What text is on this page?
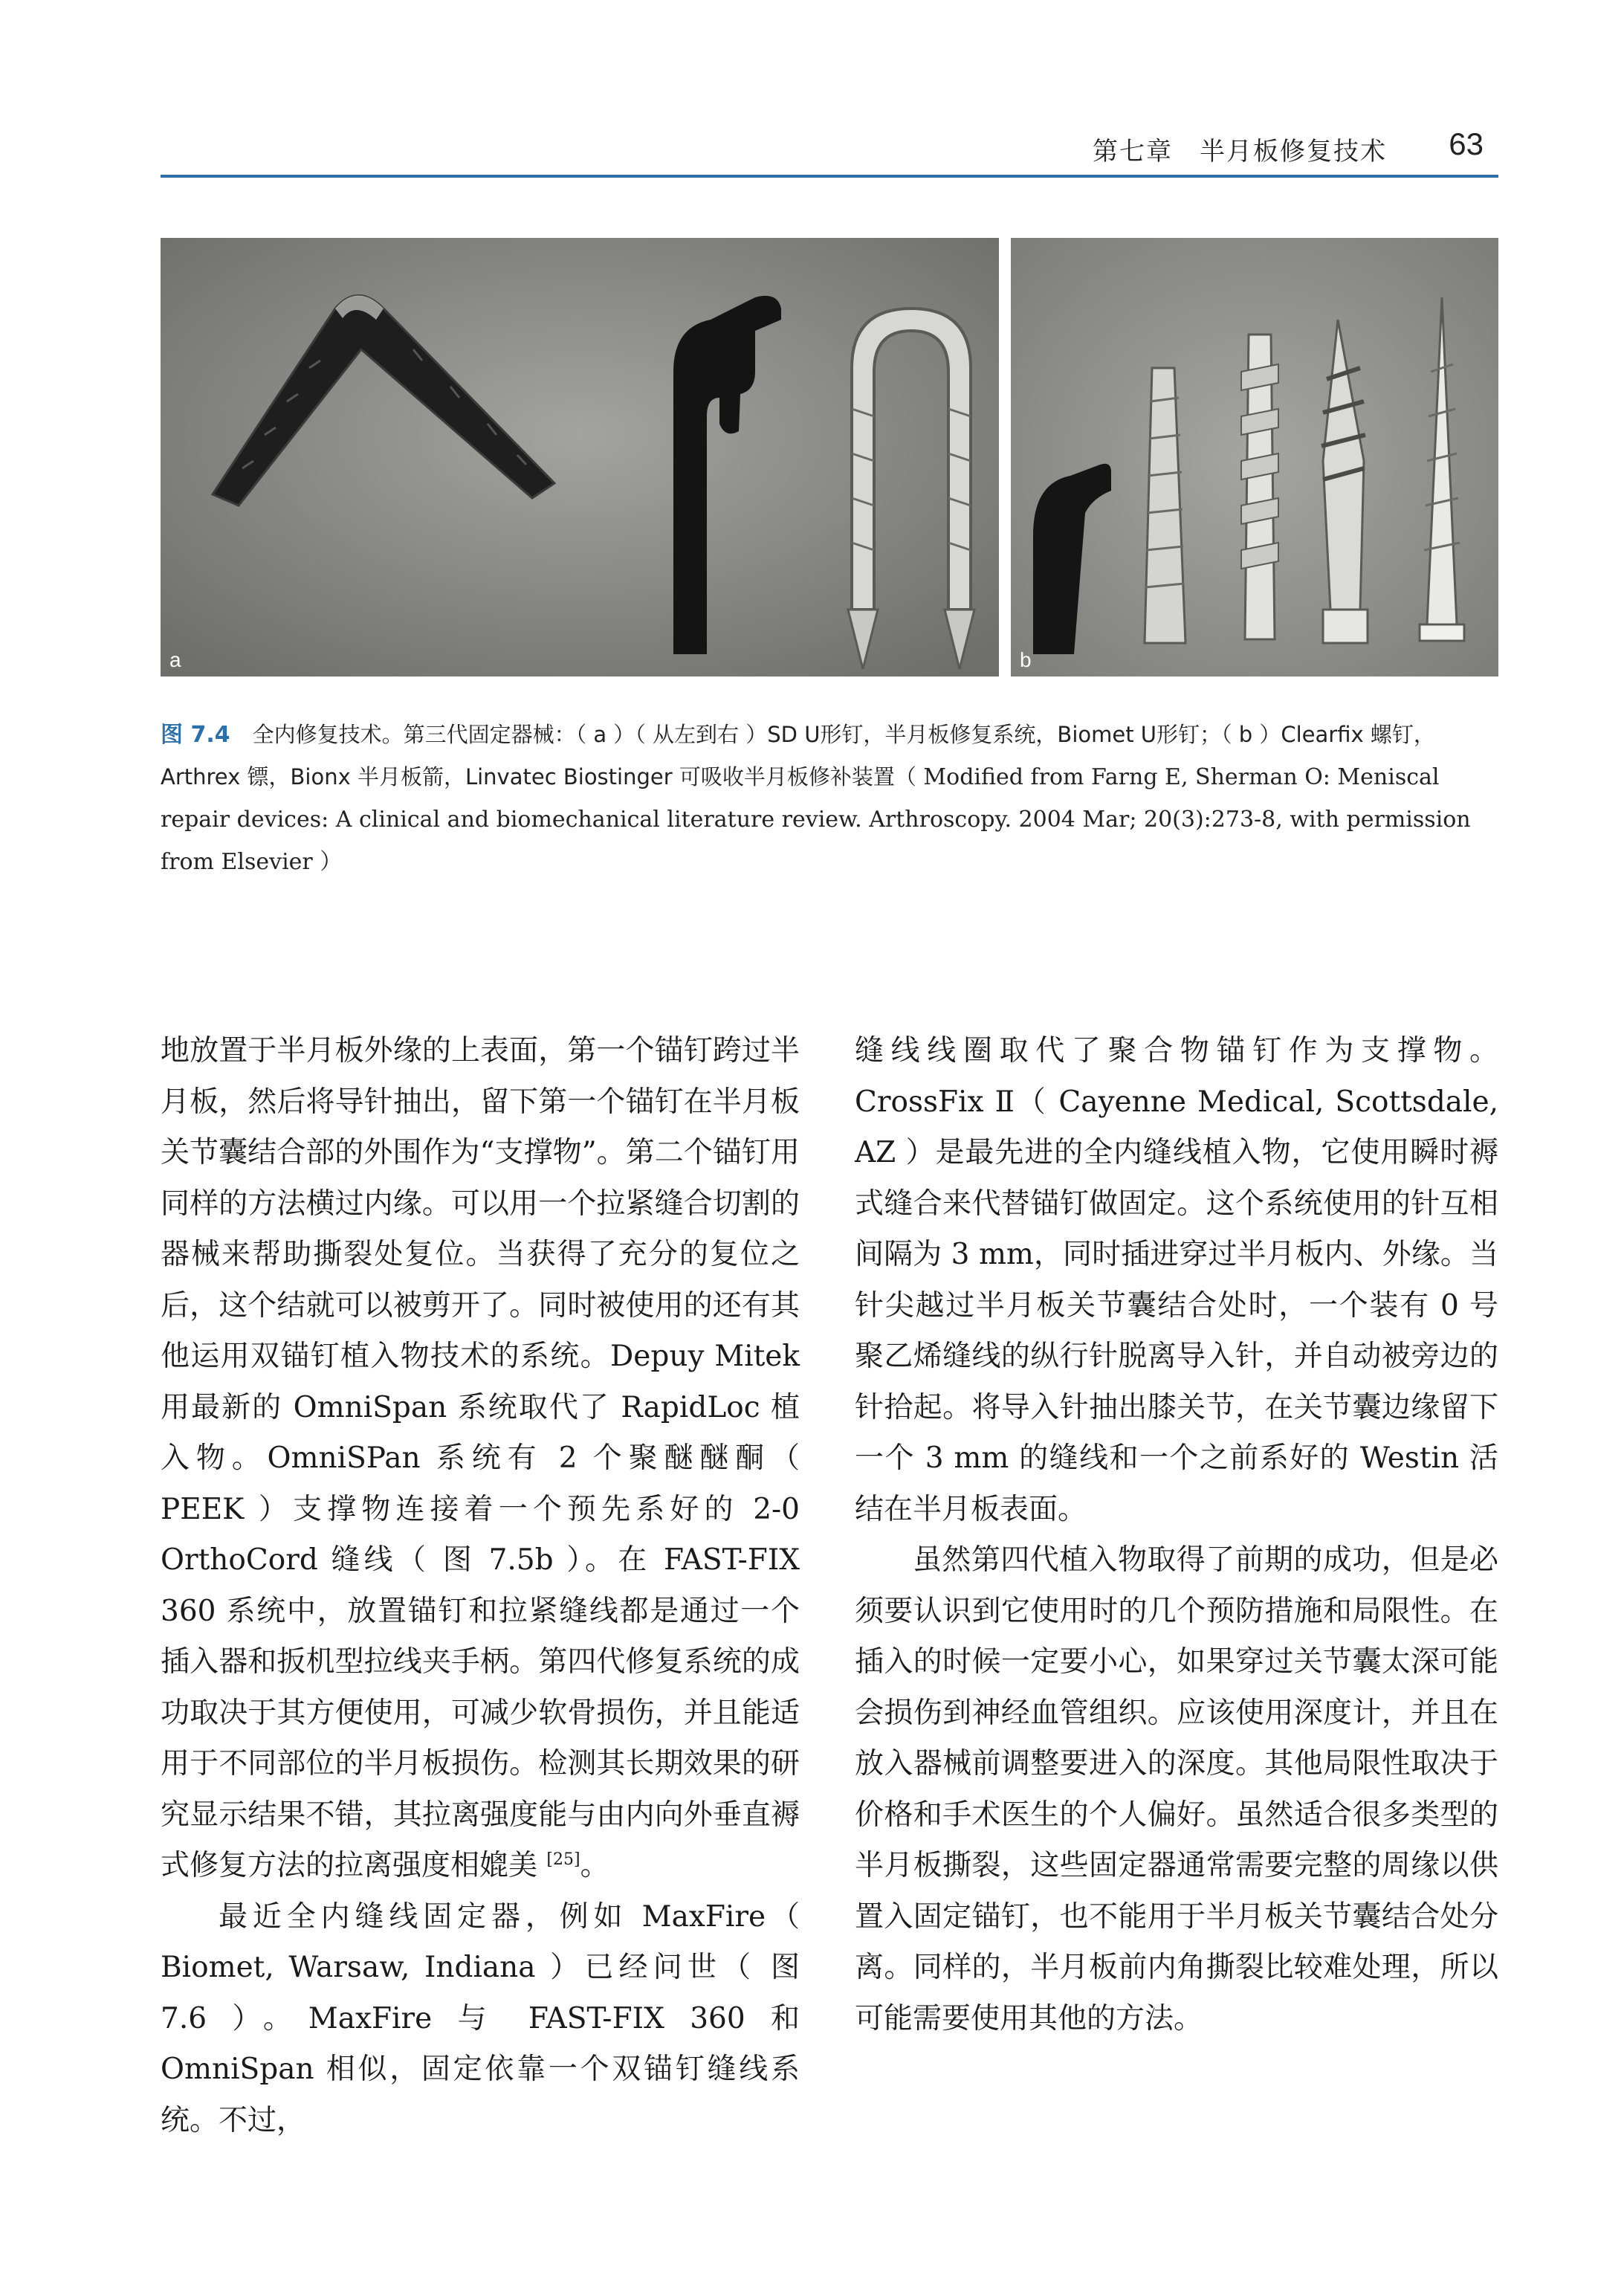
第七章　半月板修复技术 63
a	b
图 7.4 全内修复技术。第三代固定器械：（ a ）（ 从左到右 ）SD U形钉，半月板修复系统，Biomet U形钉；（ b ）Clearfix 螺钉，Arthrex 镖，Bionx 半月板箭，Linvatec Biostinger 可吸收半月板修补装置（ Modified from Farng E, Sherman O: Meniscal repair devices: A clinical and biomechanical literature review. Arthroscopy. 2004 Mar; 20(3):273-8, with permission from Elsevier ）

地放置于半月板外缘的上表面，第一个锚钉跨过半月板，然后将导针抽出，留下第一个锚钉在半月板关节囊结合部的外围作为“支撑物”。第二个锚钉用同样的方法横过内缘。可以用一个拉紧缝合切割的器械来帮助撕裂处复位。当获得了充分的复位之后，这个结就可以被剪开了。同时被使用的还有其他运用双锚钉植入物技术的系统。Depuy Mitek 用最新的 OmniSpan 系统取代了 RapidLoc 植入物。OmniSPan 系统有 2 个聚醚醚酮（ PEEK ）支撑物连接着一个预先系好的 2-0 OrthoCord 缝线（ 图 7.5b ）。在 FAST-FIX 360 系统中，放置锚钉和拉紧缝线都是通过一个插入器和扳机型拉线夹手柄。第四代修复系统的成功取决于其方便使用，可减少软骨损伤，并且能适用于不同部位的半月板损伤。检测其长期效果的研究显示结果不错，其拉离强度能与由内向外垂直褥式修复方法的拉离强度相媲美 [25]。

最近全内缝线固定器，例如 MaxFire（ Biomet, Warsaw, Indiana ）已经问世（ 图 7.6 ）。MaxFire 与 FAST-FIX 360 和 OmniSpan 相似，固定依靠一个双锚钉缝线系统。不过，

缝线线圈取代了聚合物锚钉作为支撑物。CrossFix Ⅱ（ Cayenne Medical, Scottsdale, AZ ）是最先进的全内缝线植入物，它使用瞬时褥式缝合来代替锚钉做固定。这个系统使用的针互相间隔为 3 mm，同时插进穿过半月板内、外缘。当针尖越过半月板关节囊结合处时，一个装有 0 号聚乙烯缝线的纵行针脱离导入针，并自动被旁边的针拾起。将导入针抽出膝关节，在关节囊边缘留下一个 3 mm 的缝线和一个之前系好的 Westin 活结在半月板表面。

虽然第四代植入物取得了前期的成功，但是必须要认识到它使用时的几个预防措施和局限性。在插入的时候一定要小心，如果穿过关节囊太深可能会损伤到神经血管组织。应该使用深度计，并且在放入器械前调整要进入的深度。其他局限性取决于价格和手术医生的个人偏好。虽然适合很多类型的半月板撕裂，这些固定器通常需要完整的周缘以供置入固定锚钉，也不能用于半月板关节囊结合处分离。同样的，半月板前内角撕裂比较难处理，所以可能需要使用其他的方法。
